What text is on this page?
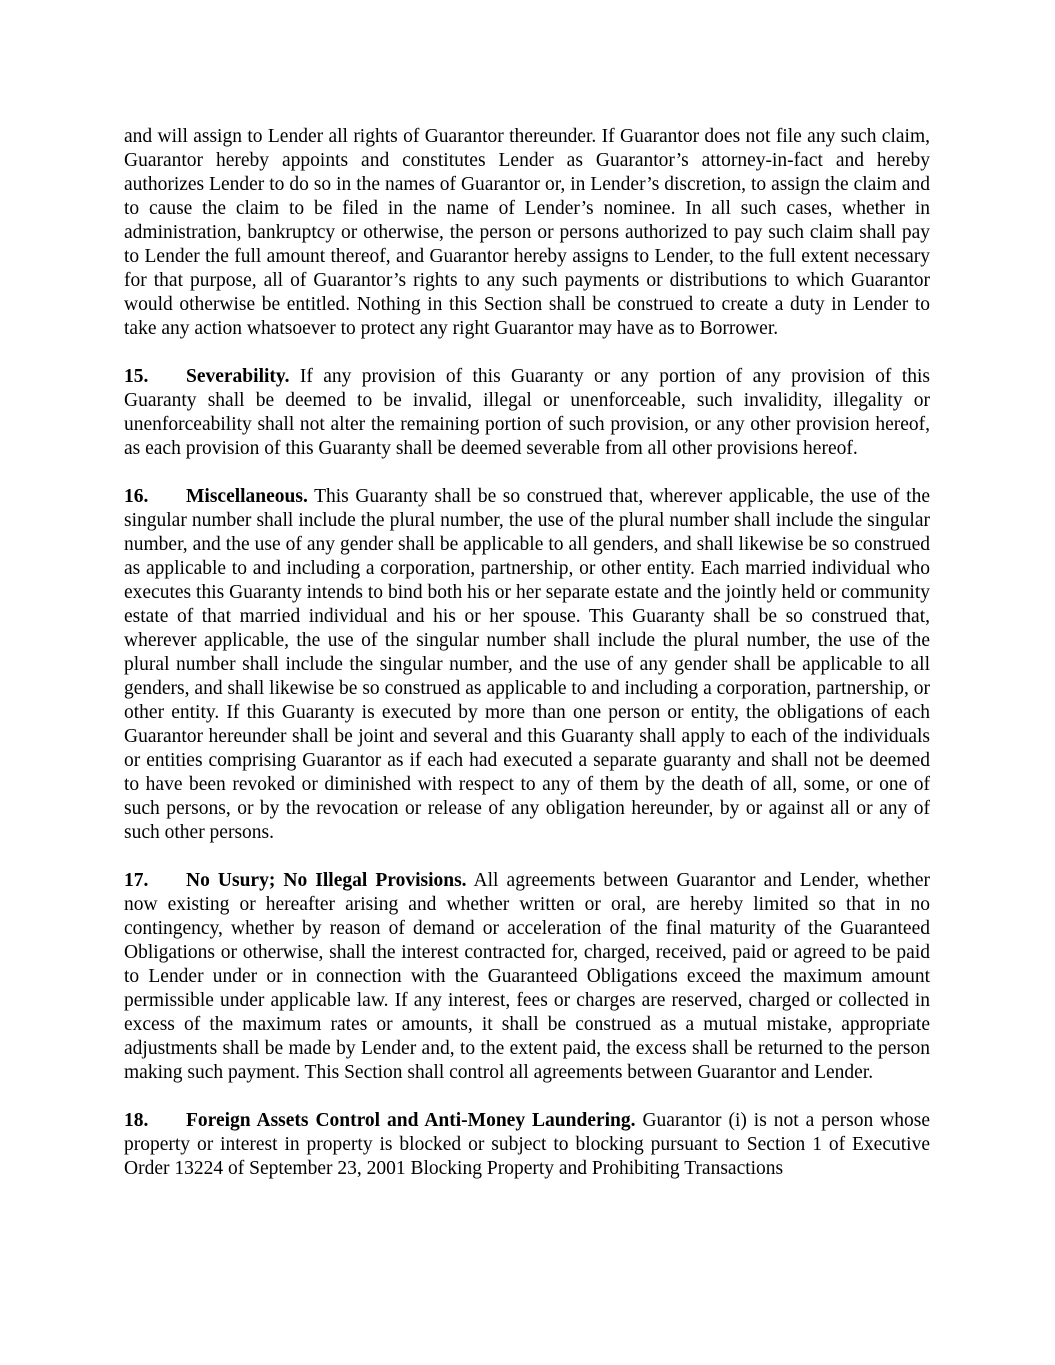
and will assign to Lender all rights of Guarantor thereunder. If Guarantor does not file any such claim, Guarantor hereby appoints and constitutes Lender as Guarantor’s attorney-in-fact and hereby authorizes Lender to do so in the names of Guarantor or, in Lender’s discretion, to assign the claim and to cause the claim to be filed in the name of Lender’s nominee. In all such cases, whether in administration, bankruptcy or otherwise, the person or persons authorized to pay such claim shall pay to Lender the full amount thereof, and Guarantor hereby assigns to Lender, to the full extent necessary for that purpose, all of Guarantor’s rights to any such payments or distributions to which Guarantor would otherwise be entitled. Nothing in this Section shall be construed to create a duty in Lender to take any action whatsoever to protect any right Guarantor may have as to Borrower.

15. Severability. If any provision of this Guaranty or any portion of any provision of this Guaranty shall be deemed to be invalid, illegal or unenforceable, such invalidity, illegality or unenforceability shall not alter the remaining portion of such provision, or any other provision hereof, as each provision of this Guaranty shall be deemed severable from all other provisions hereof.

16. Miscellaneous. This Guaranty shall be so construed that, wherever applicable, the use of the singular number shall include the plural number, the use of the plural number shall include the singular number, and the use of any gender shall be applicable to all genders, and shall likewise be so construed as applicable to and including a corporation, partnership, or other entity. Each married individual who executes this Guaranty intends to bind both his or her separate estate and the jointly held or community estate of that married individual and his or her spouse. This Guaranty shall be so construed that, wherever applicable, the use of the singular number shall include the plural number, the use of the plural number shall include the singular number, and the use of any gender shall be applicable to all genders, and shall likewise be so construed as applicable to and including a corporation, partnership, or other entity. If this Guaranty is executed by more than one person or entity, the obligations of each Guarantor hereunder shall be joint and several and this Guaranty shall apply to each of the individuals or entities comprising Guarantor as if each had executed a separate guaranty and shall not be deemed to have been revoked or diminished with respect to any of them by the death of all, some, or one of such persons, or by the revocation or release of any obligation hereunder, by or against all or any of such other persons.

17. No Usury; No Illegal Provisions. All agreements between Guarantor and Lender, whether now existing or hereafter arising and whether written or oral, are hereby limited so that in no contingency, whether by reason of demand or acceleration of the final maturity of the Guaranteed Obligations or otherwise, shall the interest contracted for, charged, received, paid or agreed to be paid to Lender under or in connection with the Guaranteed Obligations exceed the maximum amount permissible under applicable law. If any interest, fees or charges are reserved, charged or collected in excess of the maximum rates or amounts, it shall be construed as a mutual mistake, appropriate adjustments shall be made by Lender and, to the extent paid, the excess shall be returned to the person making such payment. This Section shall control all agreements between Guarantor and Lender.

18. Foreign Assets Control and Anti-Money Laundering. Guarantor (i) is not a person whose property or interest in property is blocked or subject to blocking pursuant to Section 1 of Executive Order 13224 of September 23, 2001 Blocking Property and Prohibiting Transactions
